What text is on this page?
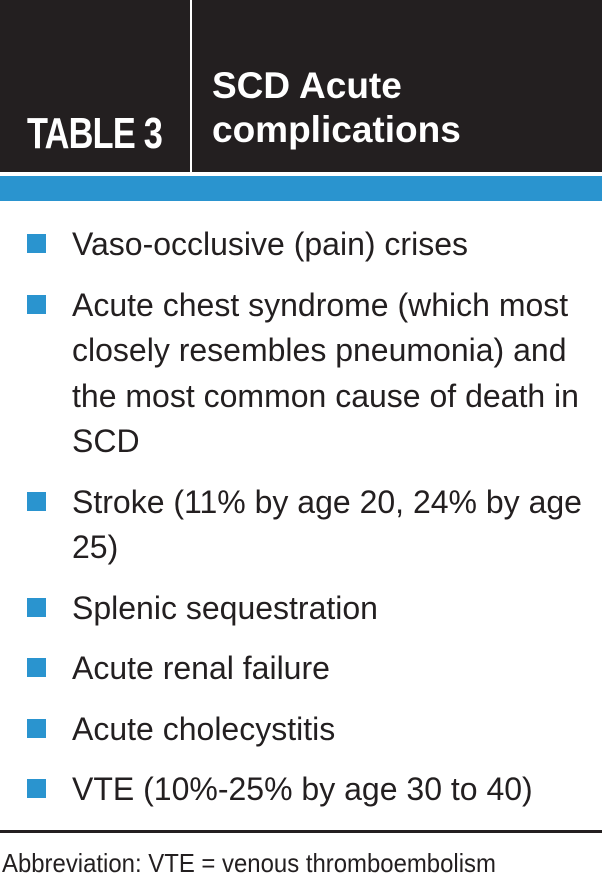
TABLE 3
SCD Acute complications
Vaso-occlusive (pain) crises
Acute chest syndrome (which most closely resembles pneumonia) and the most common cause of death in SCD
Stroke (11% by age 20, 24% by age 25)
Splenic sequestration
Acute renal failure
Acute cholecystitis
VTE (10%-25% by age 30 to 40)
Abbreviation: VTE = venous thromboembolism
